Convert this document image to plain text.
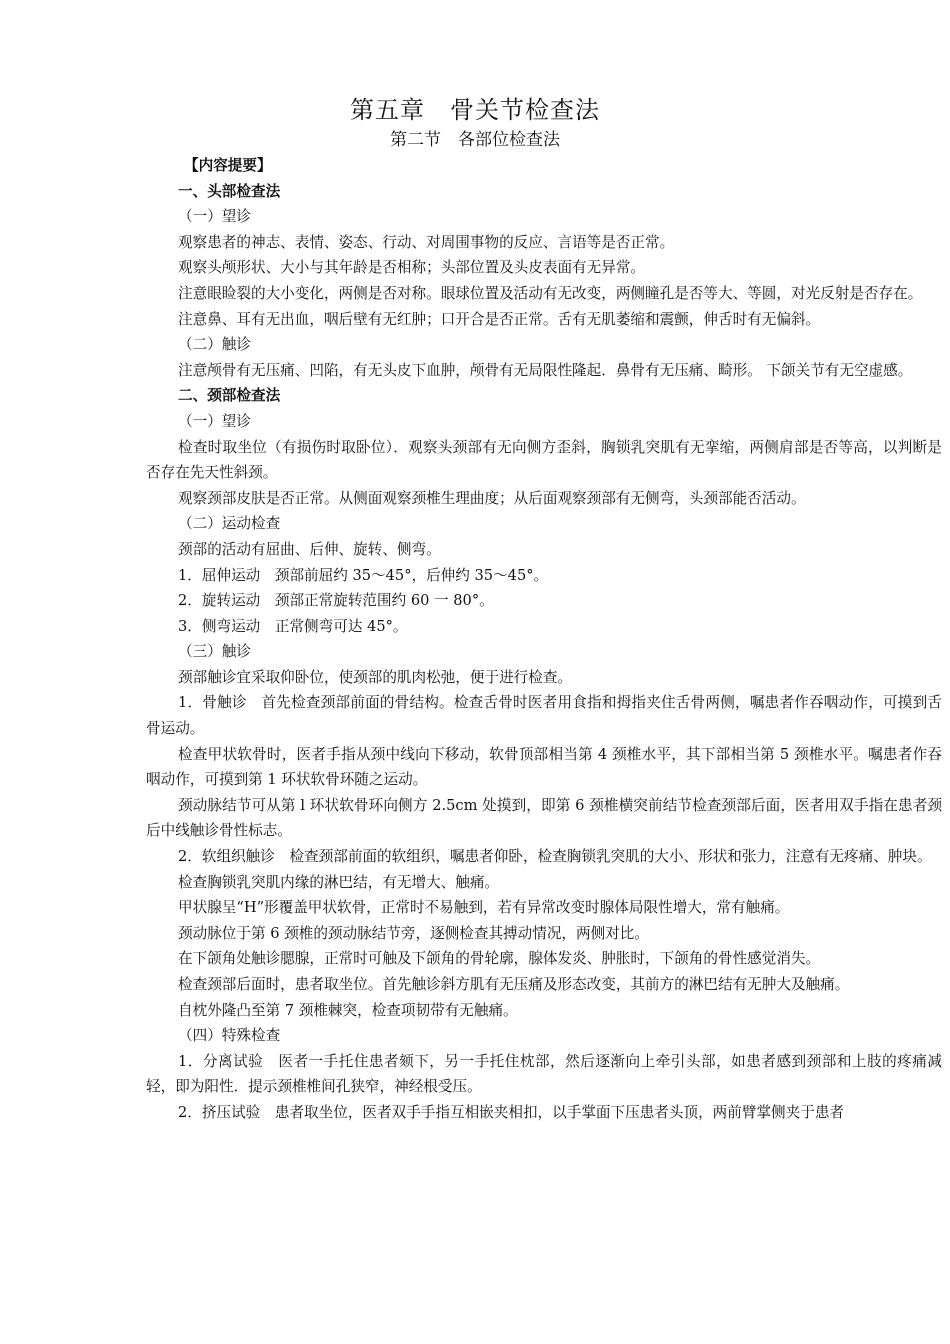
第五章　骨关节检查法
第二节　各部位检查法

【内容提要】

一、头部检查法

（一）望诊

观察患者的神志、表情、姿态、行动、对周围事物的反应、言语等是否正常。

观察头颅形状、大小与其年龄是否相称；头部位置及头皮表面有无异常。

注意眼睑裂的大小变化，两侧是否对称。眼球位置及活动有无改变，两侧瞳孔是否等大、等圆，对光反射是否存在。

注意鼻、耳有无出血，咽后壁有无红肿；口开合是否正常。舌有无肌萎缩和震颤，伸舌时有无偏斜。

（二）触诊

注意颅骨有无压痛、凹陷，有无头皮下血肿，颅骨有无局限性隆起．鼻骨有无压痛、畸形。 下颌关节有无空虚感。

二、颈部检查法

（一）望诊

检查时取坐位（有损伤时取卧位）．观察头颈部有无向侧方歪斜，胸锁乳突肌有无挛缩，两侧肩部是否等高，以判断是否存在先天性斜颈。

观察颈部皮肤是否正常。从侧面观察颈椎生理曲度；从后面观察颈部有无侧弯，头颈部能否活动。

（二）运动检查

颈部的活动有屈曲、后伸、旋转、侧弯。

1．屈伸运动　颈部前屈约 35～45°，后伸约 35～45°。

2．旋转运动　颈部正常旋转范围约 60 一 80°。

3．侧弯运动　正常侧弯可达 45°。

（三）触诊

颈部触诊宜采取仰卧位，使颈部的肌肉松弛，便于进行检查。

1．骨触诊　首先检查颈部前面的骨结构。检查舌骨时医者用食指和拇指夹住舌骨两侧，嘱患者作吞咽动作，可摸到舌骨运动。

检查甲状软骨时，医者手指从颈中线向下移动，软骨顶部相当第 4 颈椎水平，其下部相当第 5 颈椎水平。嘱患者作吞咽动作，可摸到第 1 环状软骨环随之运动。

颈动脉结节可从第 l 环状软骨环向侧方 2.5cm 处摸到，即第 6 颈椎横突前结节检查颈部后面，医者用双手指在患者颈后中线触诊骨性标志。

2．软组织触诊　检查颈部前面的软组织，嘱患者仰卧，检查胸锁乳突肌的大小、形状和张力，注意有无疼痛、肿块。

检查胸锁乳突肌内缘的淋巴结，有无增大、触痛。

甲状腺呈“H”形覆盖甲状软骨，正常时不易触到，若有异常改变时腺体局限性增大，常有触痛。

颈动脉位于第 6 颈椎的颈动脉结节旁，逐侧检查其搏动情况，两侧对比。

在下颌角处触诊腮腺，正常时可触及下颌角的骨轮廓，腺体发炎、肿胀时，下颌角的骨性感觉消失。

检查颈部后面时，患者取坐位。首先触诊斜方肌有无压痛及形态改变，其前方的淋巴结有无肿大及触痛。

自枕外隆凸至第 7 颈椎棘突，检查项韧带有无触痛。

（四）特殊检查

1．分离试验　医者一手托住患者颏下，另一手托住枕部，然后逐渐向上牵引头部，如患者感到颈部和上肢的疼痛减轻，即为阳性．提示颈椎椎间孔狭窄，神经根受压。

2．挤压试验　患者取坐位，医者双手手指互相嵌夹相扣，以手掌面下压患者头顶，两前臂掌侧夹于患者
